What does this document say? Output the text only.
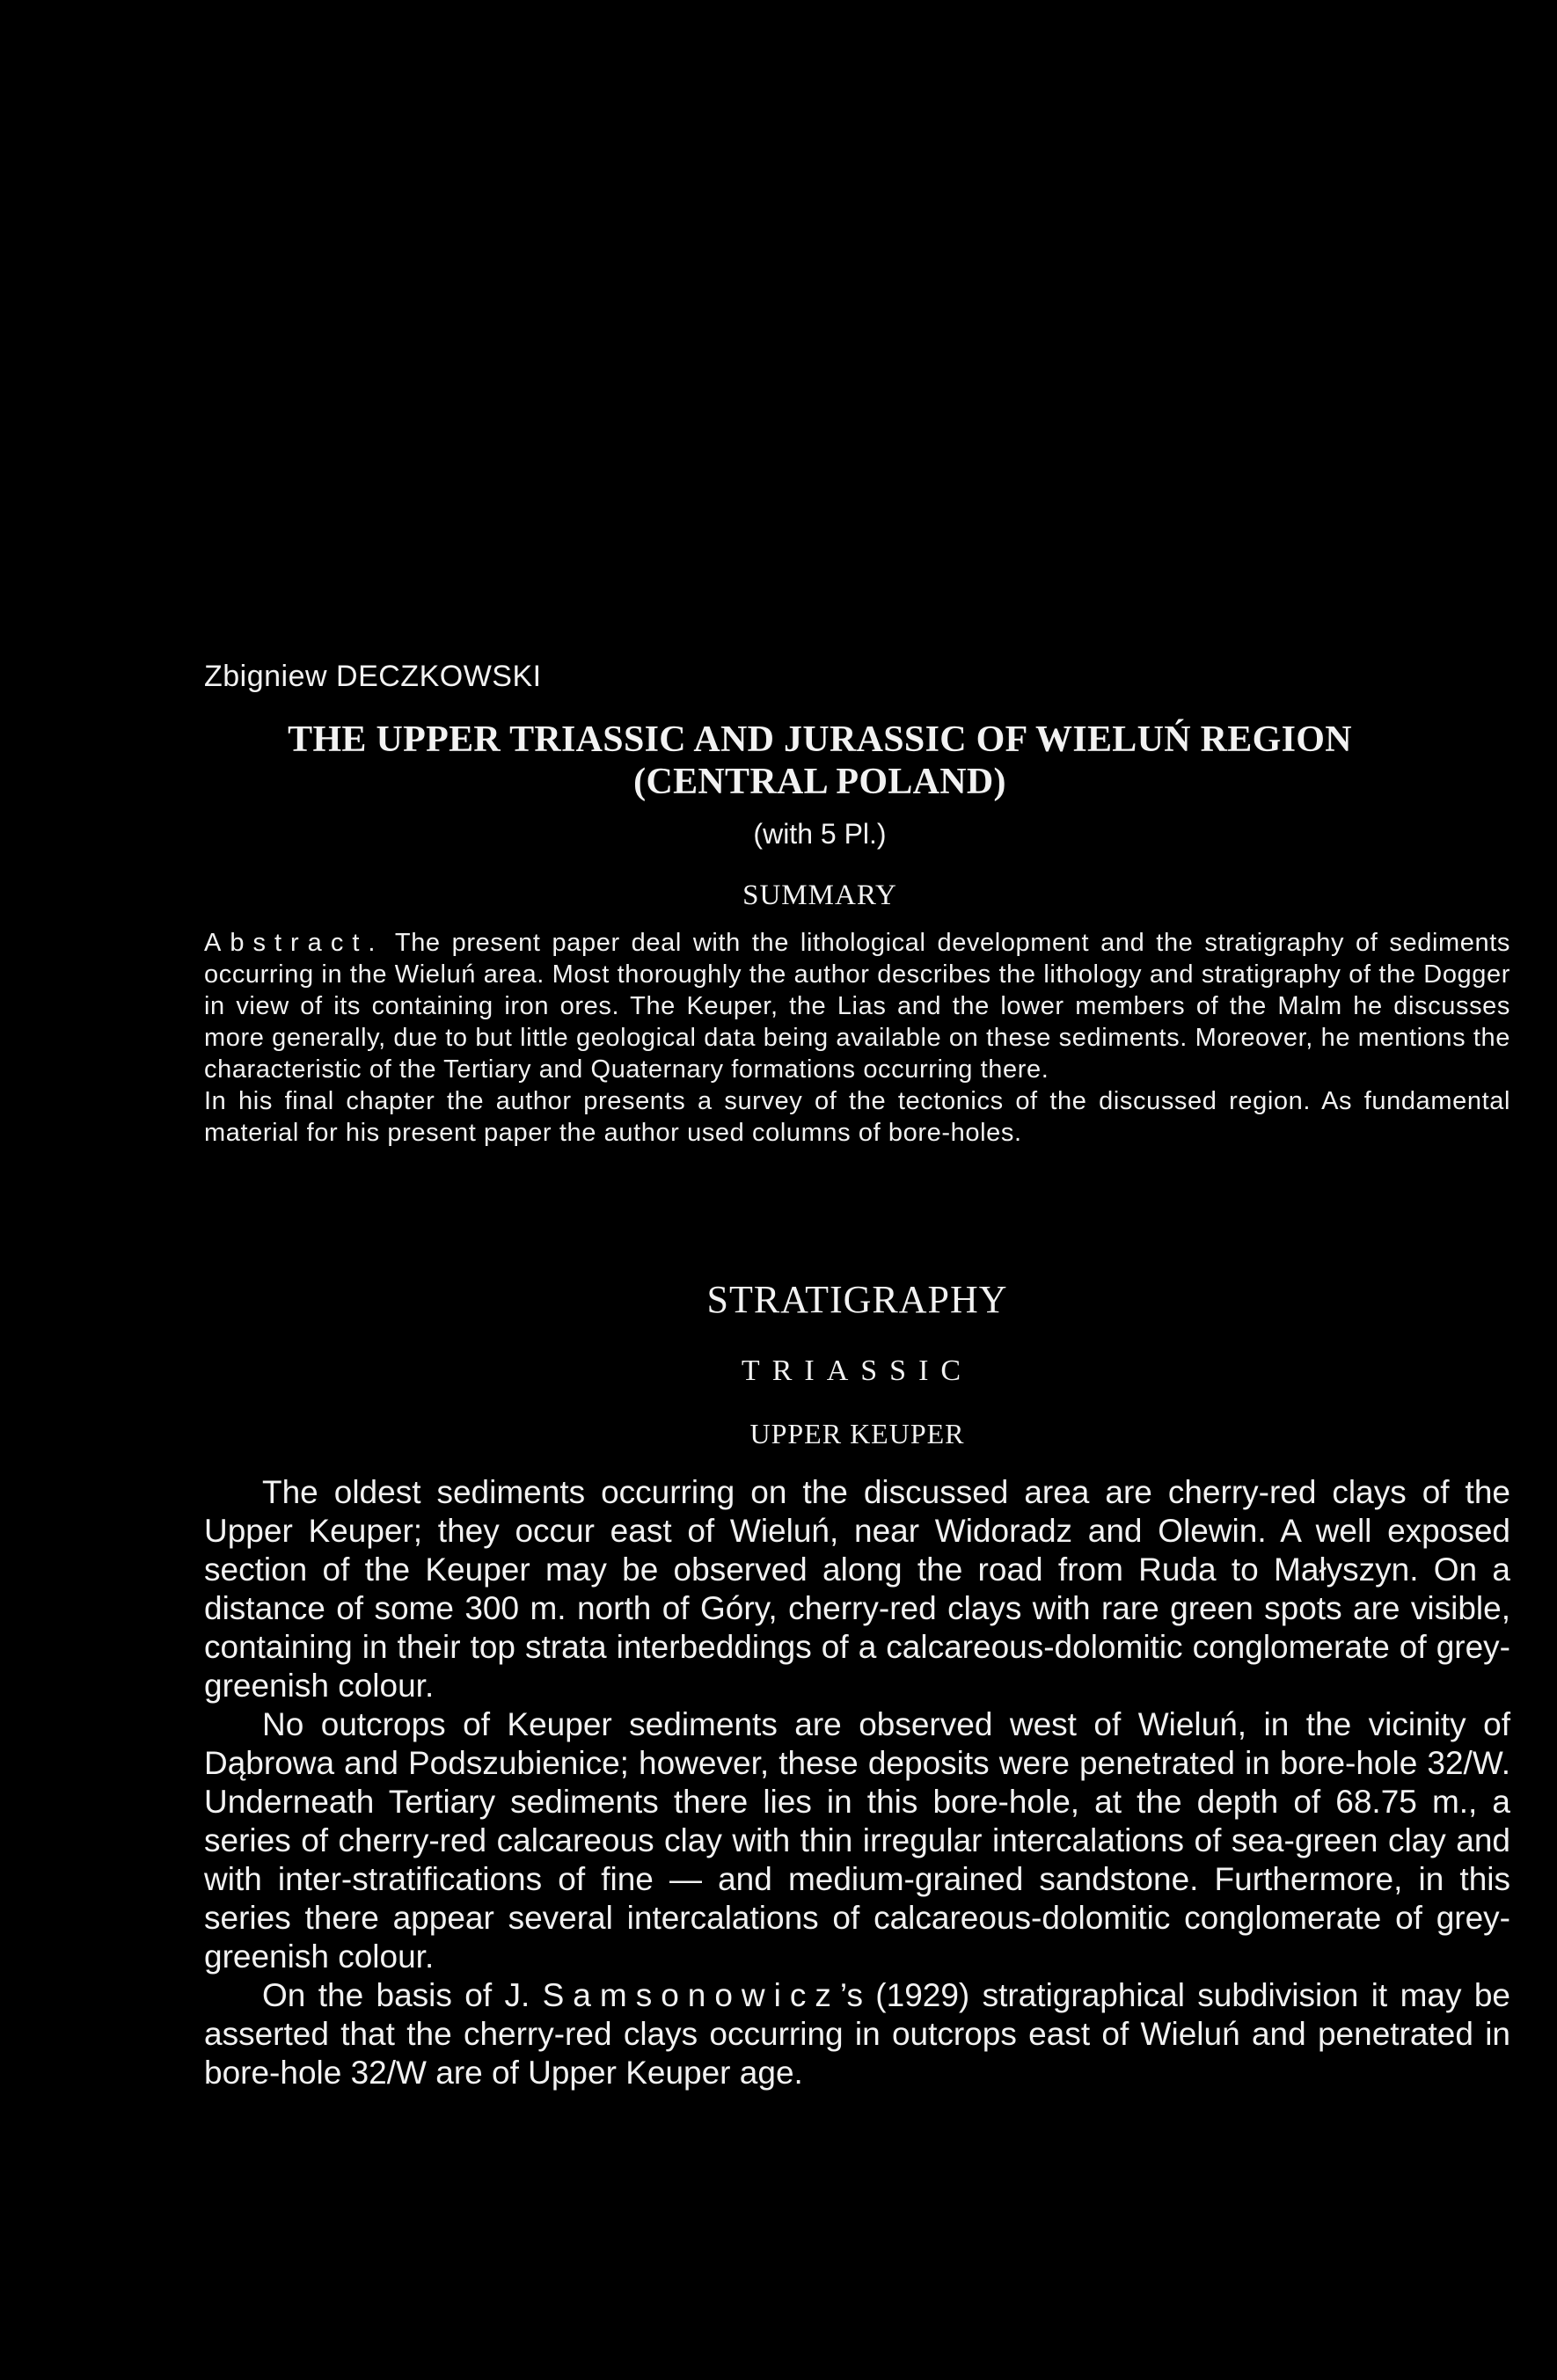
Zbigniew DECZKOWSKI
THE UPPER TRIASSIC AND JURASSIC OF WIELUŃ REGION
(CENTRAL POLAND)
(with 5 Pl.)
SUMMARY

Abstract. The present paper deal with the lithological development and the stratigraphy of sediments occurring in the Wieluń area. Most thoroughly the author describes the lithology and stratigraphy of the Dogger in view of its containing iron ores. The Keuper, the Lias and the lower members of the Malm he discusses more generally, due to but little geological data being available on these sediments. Moreover, he mentions the characteristic of the Tertiary and Quaternary formations occurring there.

In his final chapter the author presents a survey of the tectonics of the discussed region. As fundamental material for his present paper the author used columns of bore-holes.

STRATIGRAPHY
TRIASSIC
UPPER KEUPER

The oldest sediments occurring on the discussed area are cherry-red clays of the Upper Keuper; they occur east of Wieluń, near Widoradz and Olewin. A well exposed section of the Keuper may be observed along the road from Ruda to Małyszyn. On a distance of some 300 m. north of Góry, cherry-red clays with rare green spots are visible, containing in their top strata interbeddings of a calcareous-dolomitic conglomerate of grey-greenish colour.

No outcrops of Keuper sediments are observed west of Wieluń, in the vicinity of Dąbrowa and Podszubienice; however, these deposits were penetrated in bore-hole 32/W. Underneath Tertiary sediments there lies in this bore-hole, at the depth of 68.75 m., a series of cherry-red calcareous clay with thin irregular intercalations of sea-green clay and with inter-stratifications of fine — and medium-grained sandstone. Furthermore, in this series there appear several intercalations of calcareous-dolomitic conglomerate of grey-greenish colour.

On the basis of J. Samsonowicz’s (1929) stratigraphical subdivision it may be asserted that the cherry-red clays occurring in outcrops east of Wieluń and penetrated in bore-hole 32/W are of Upper Keuper age.
